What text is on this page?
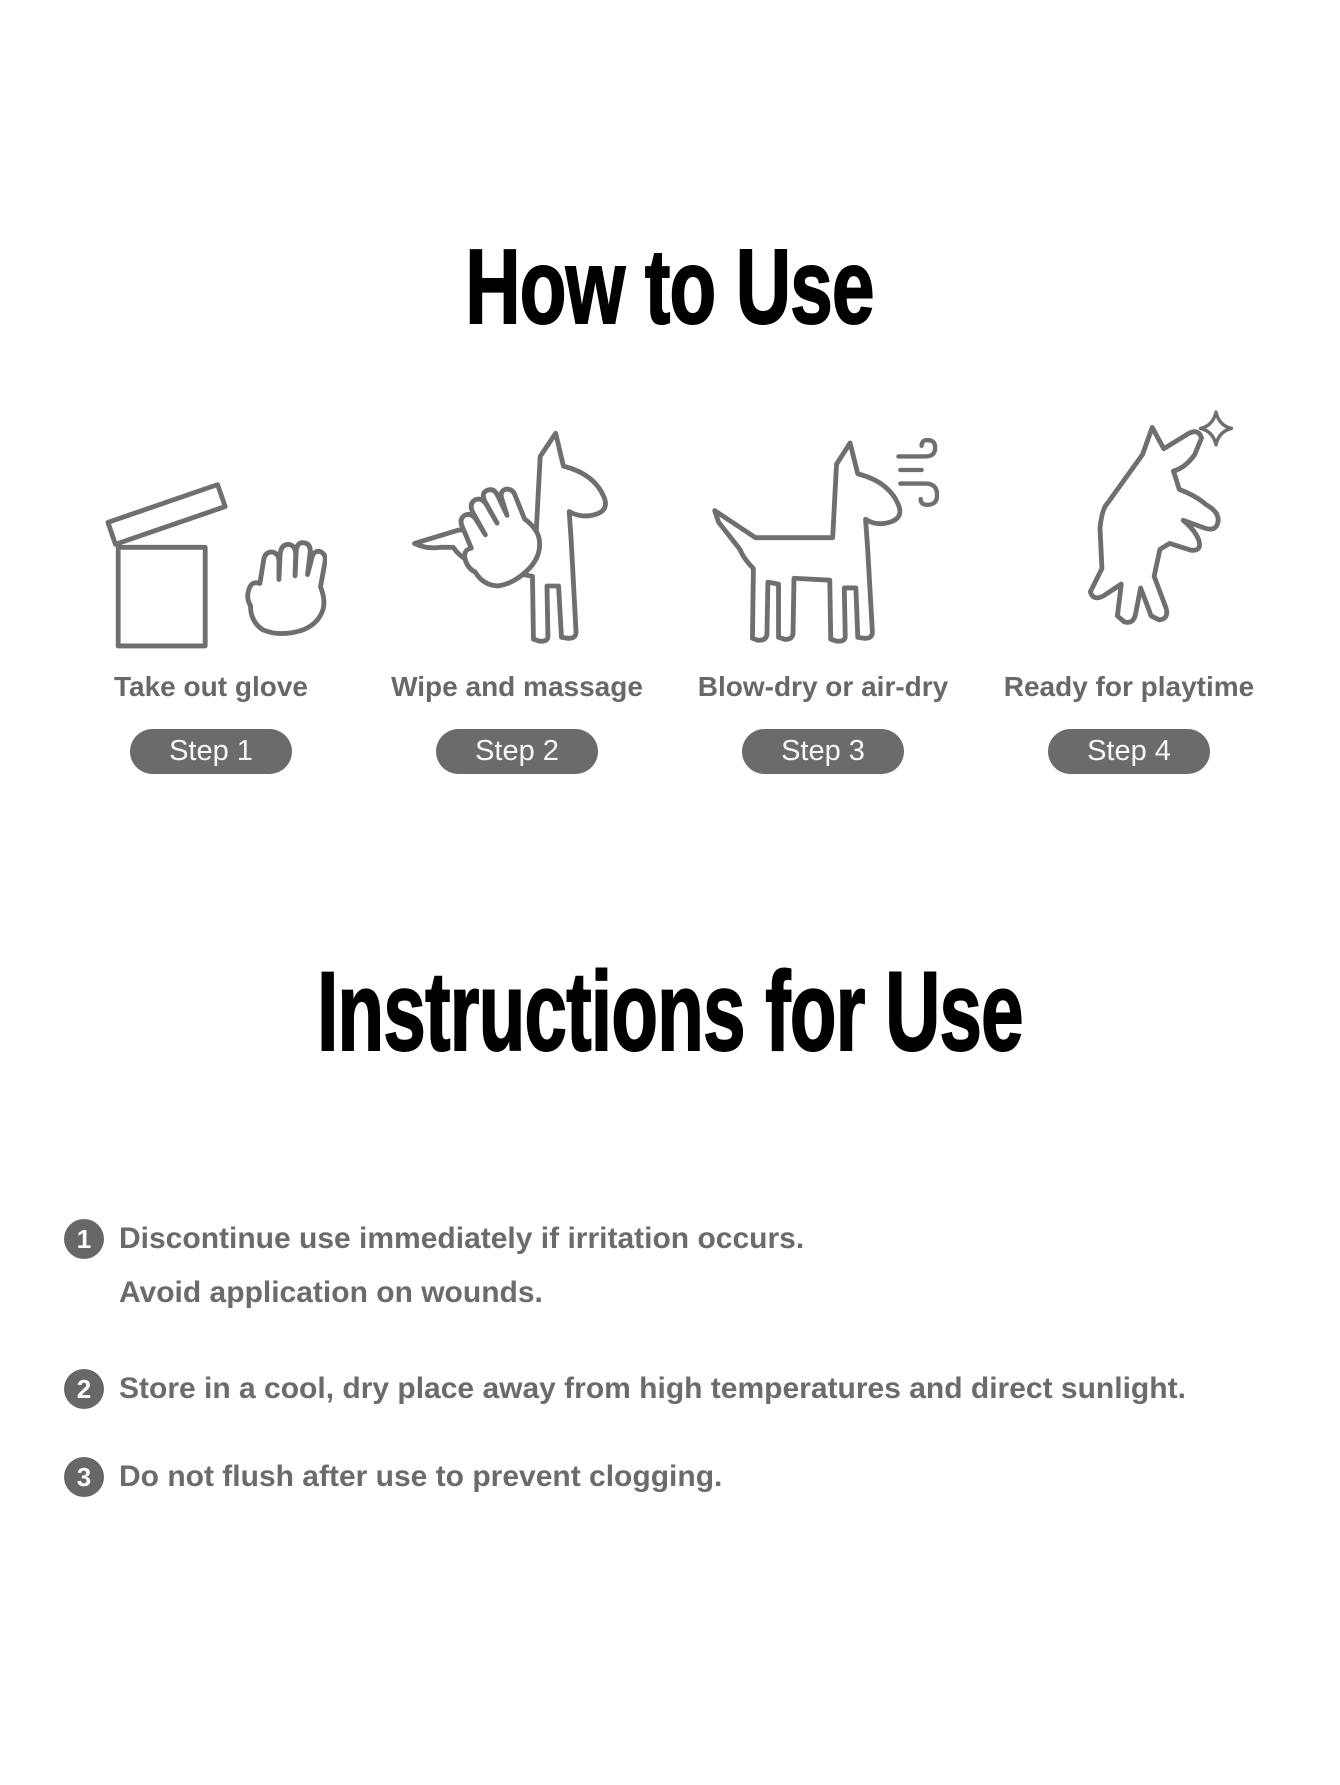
How to Use
Take out glove
Step 1
Wipe and massage
Step 2
Blow-dry or air-dry
Step 3
Ready for playtime
Step 4
Instructions for Use
1 Discontinue use immediately if irritation occurs.
Avoid application on wounds.
2 Store in a cool, dry place away from high temperatures and direct sunlight.
3 Do not flush after use to prevent clogging.
